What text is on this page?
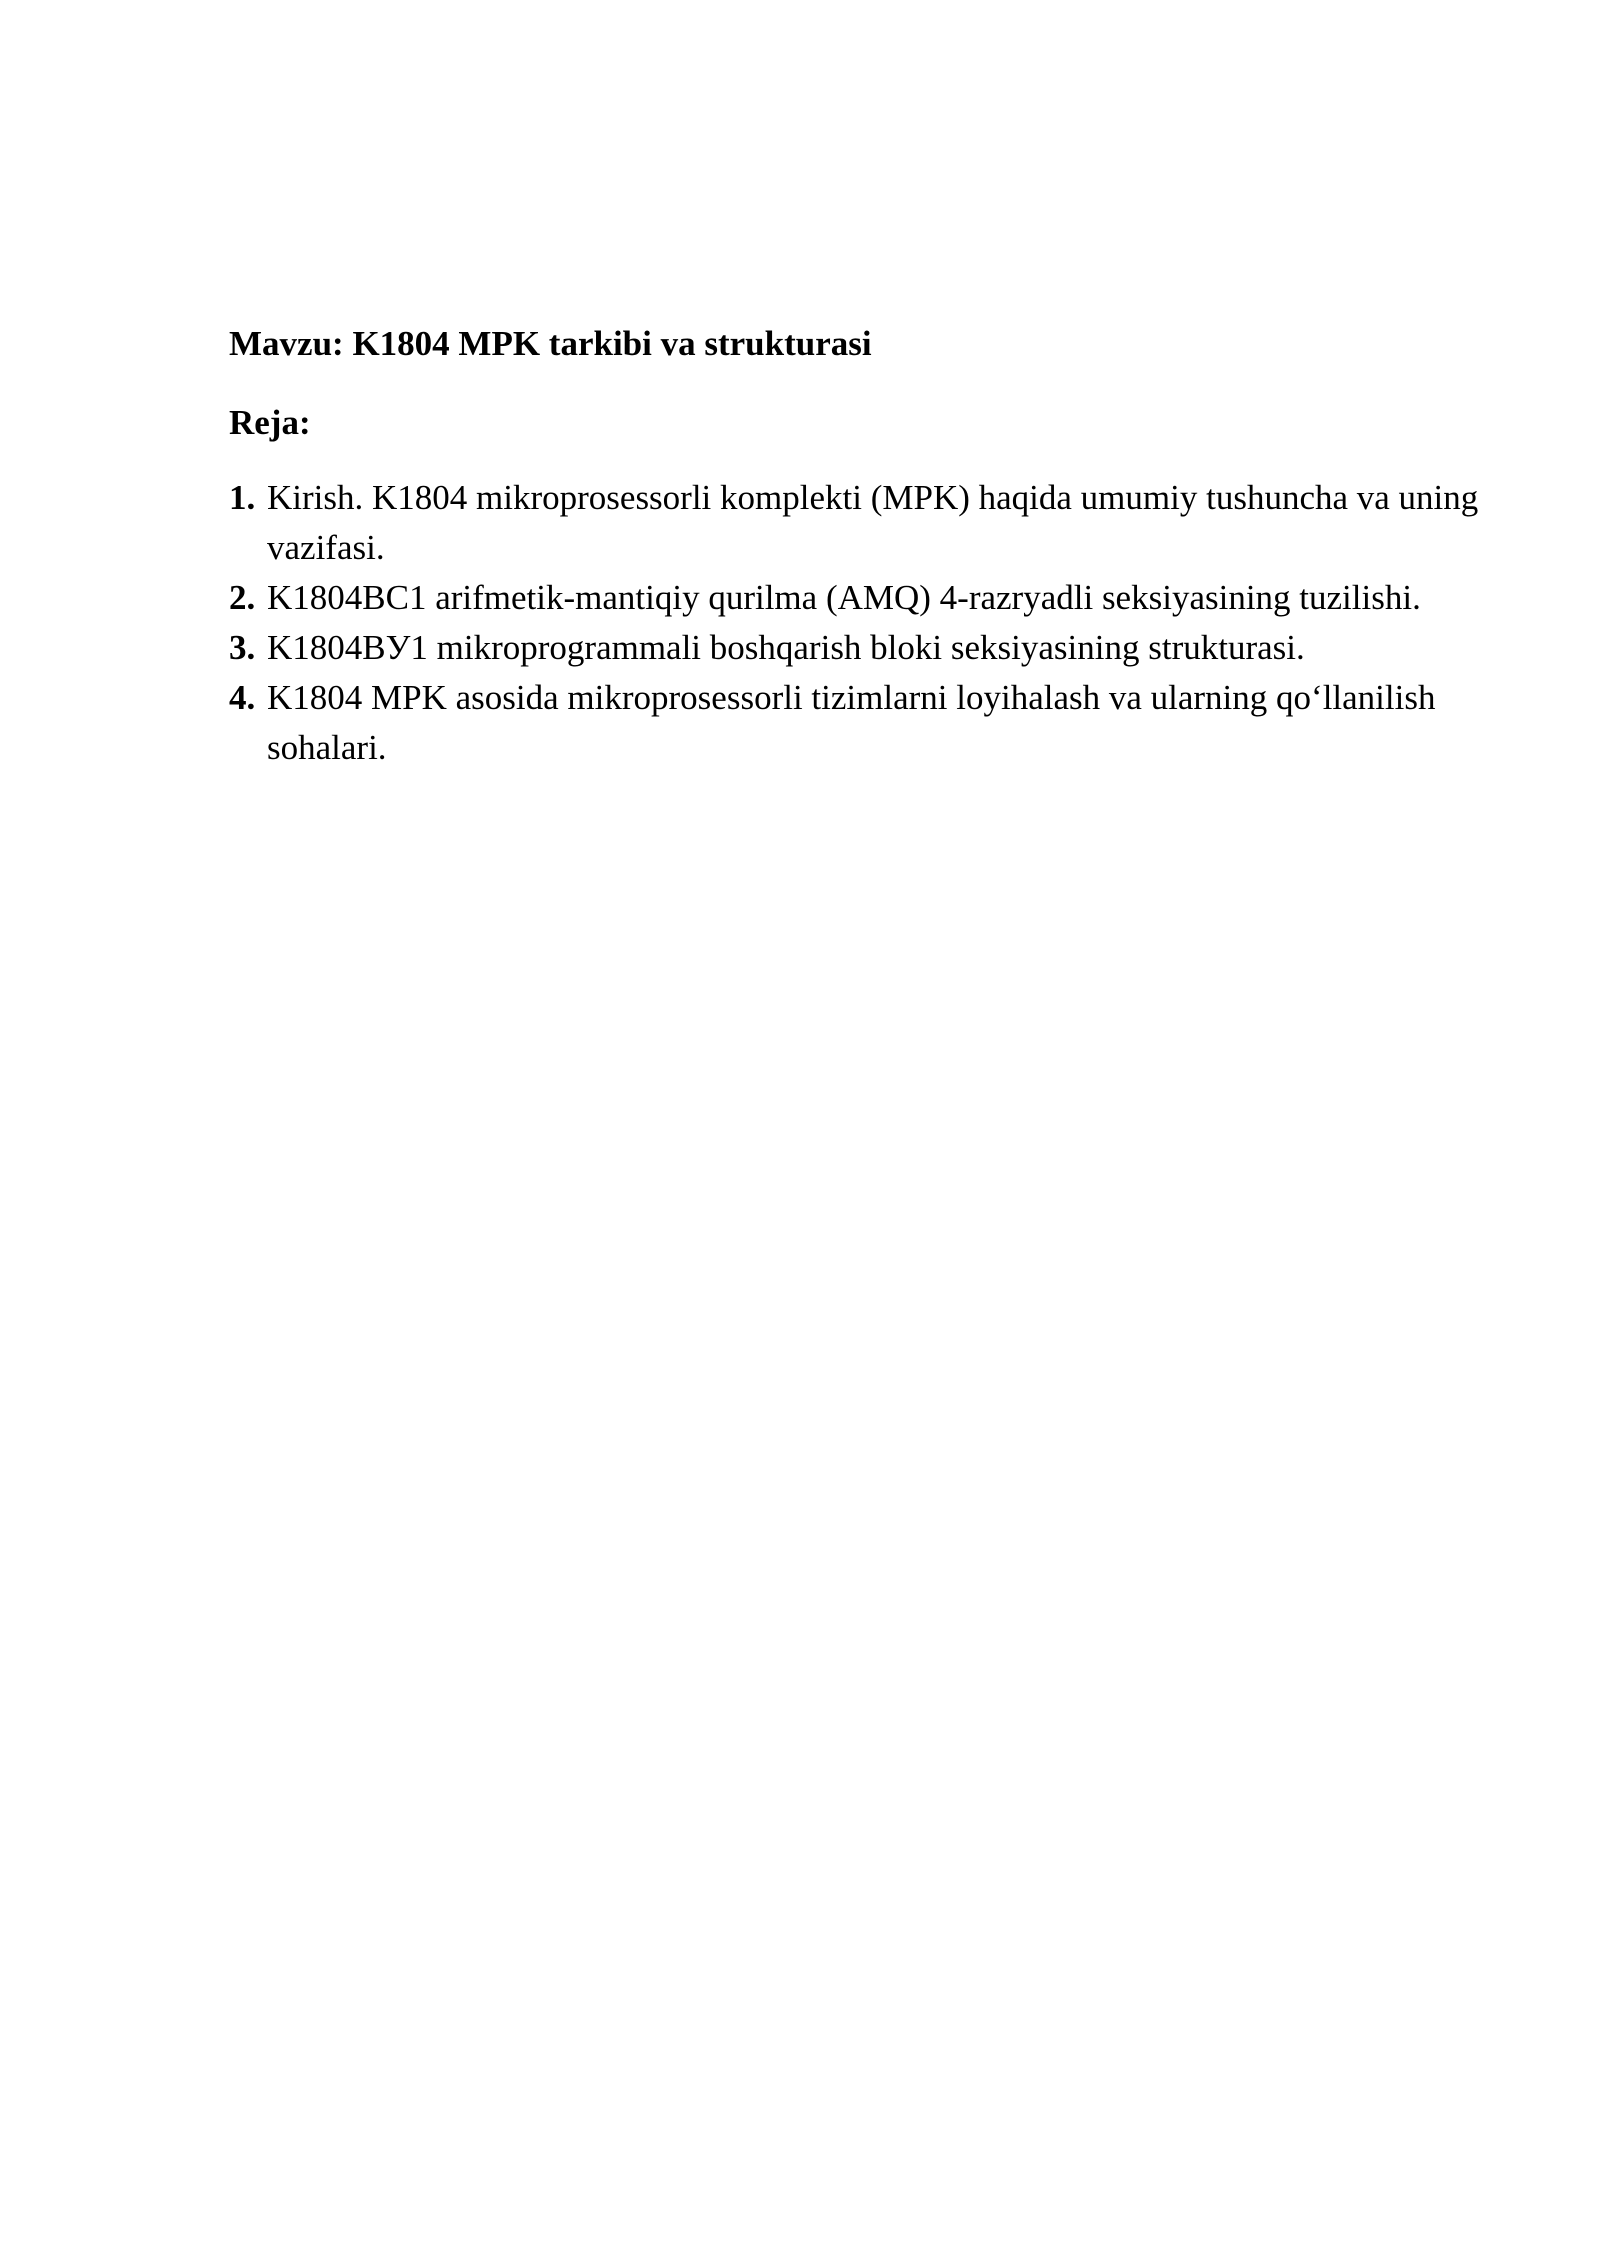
Mavzu: K1804 MPK tarkibi va strukturasi

Reja:

1. Kirish. K1804 mikroprosessorli komplekti (MPK) haqida umumiy tushuncha va uning vazifasi.
2. K1804BC1 arifmetik-mantiqiy qurilma (AMQ) 4-razryadli seksiyasining tuzilishi.
3. K1804BУ1 mikroprogrammali boshqarish bloki seksiyasining strukturasi.
4. K1804 MPK asosida mikroprosessorli tizimlarni loyihalash va ularning qo‘llanilish sohalari.
